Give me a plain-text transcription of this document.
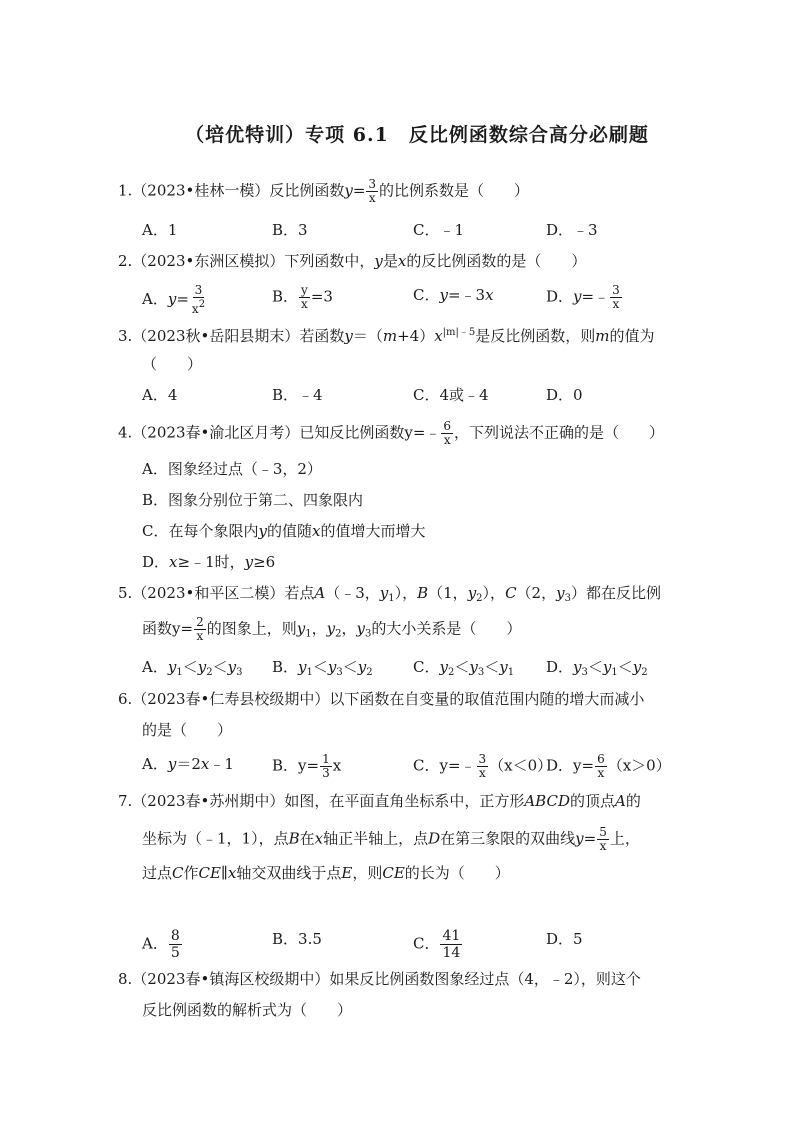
（培优特训）专项 6.1　反比例函数综合高分必刷题
1.（2023•桂林一模）反比例函数$y= \frac{3}{x}$ 的比例系数是（　　）
A．1	B．3	C．﹣1	D．﹣3
2.（2023•东洲区模拟）下列函数中，y是x的反比例函数的是（　　）
A．$y= \frac{3}{x^2}$	B． $\frac{y}{x} =3$	C．y=﹣3x	D．y=﹣ $\frac{3}{x}$
3.（2023秋•岳阳县期末）若函数$y=(m+4)x^{|m|﹣5}$是反比例函数，则m的值为
（　　）
A．4	B．﹣4	C．4或﹣4	D．0
4.（2023春•渝北区月考）已知反比例函数y=﹣ $\frac{6}{x}$ ，下列说法不正确的是（　　）
A．图象经过点（﹣3，2）
B．图象分别位于第二、四象限内
C．在每个象限内y的值随x的值增大而增大
D．x≥﹣1时，y≥6
5.（2023•和平区二模）若点A（﹣3，$y_1$），B（1，$y_2$），C（2，$y_3$）都在反比例
函数$y= \frac{2}{x}$ 的图象上，则$y_1$，$y_2$，$y_3$的大小关系是（　　）
A．$y_1<y_2<y_3$ B．$y_1<y_3<y_2$	C．$y_2<y_3<y_1$ D．$y_3<y_1<y_2$
6.（2023春•仁寿县校级期中）以下函数在自变量的取值范围内随的增大而减小
的是（　　）
A．y＝2x﹣1	B．$y= \frac{1}{3}$ x	C．y=﹣ $\frac{3}{x} (x<0)$
D．$y= \frac{6}{x} (x>0)$
7.（2023春•苏州期中）如图，在平面直角坐标系中，正方形ABCD的顶点A的
坐标为（﹣1，1），点B在x轴正半轴上，点D在第三象限的双曲线$y= \frac{5}{x}$ 上，
过点C作CE∥x轴交双曲线于点E，则CE的长为（　　）
A． $\frac{8}{5}$	B．3.5	C． $\frac{41}{14}$	D．5
8.（2023春•镇海区校级期中）如果反比例函数图象经过点（4，﹣2），则这个
反比例函数的解析式为（　　）
